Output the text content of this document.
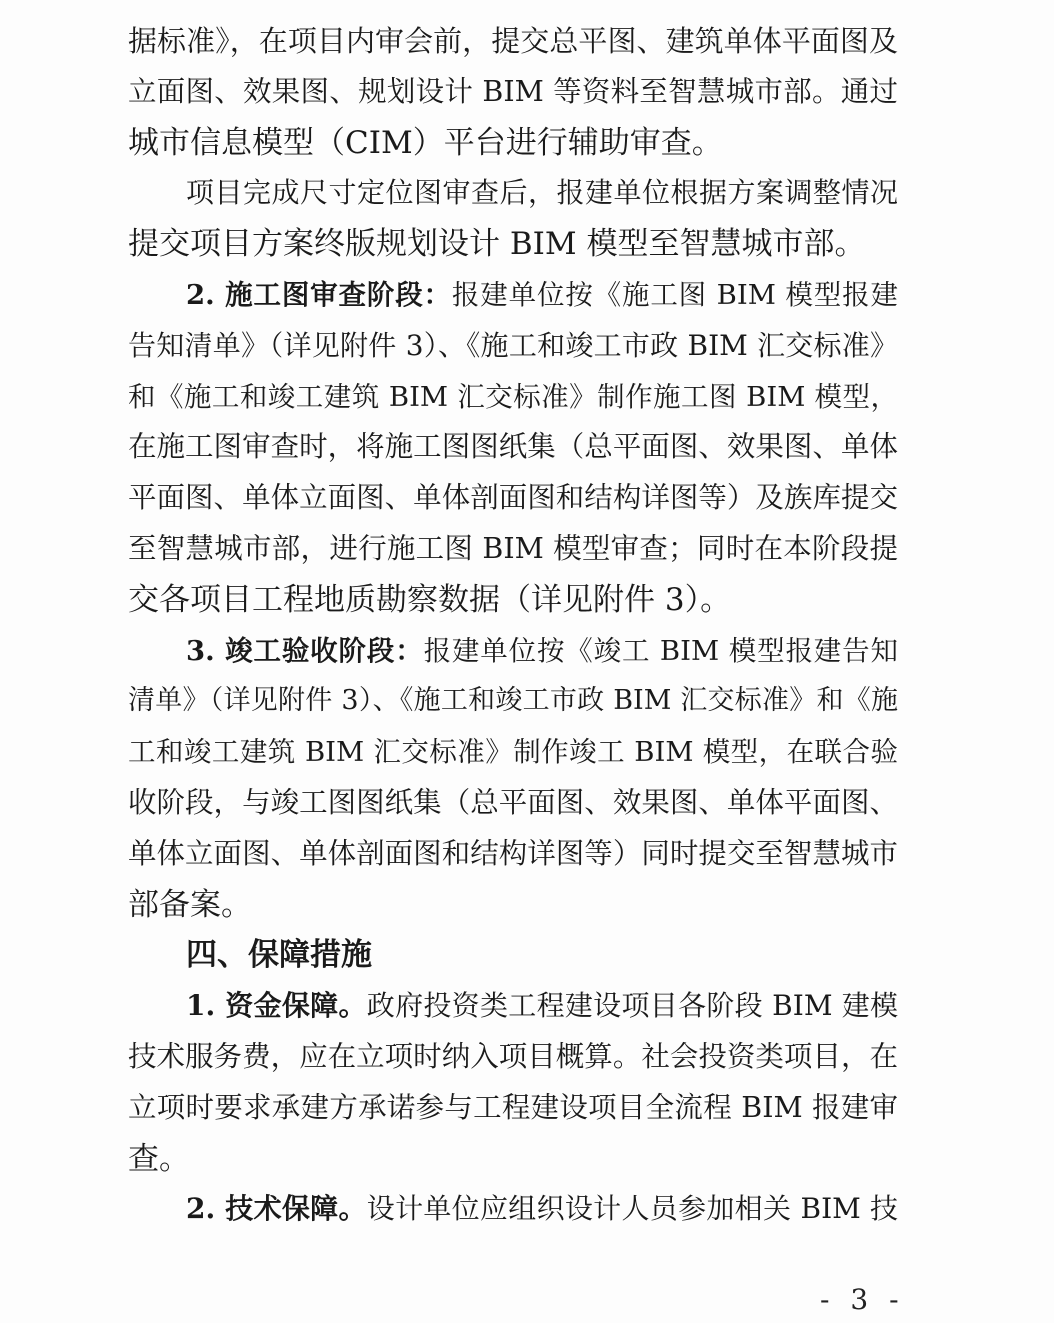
据标准》，在项目内审会前，提交总平图、建筑单体平面图及
立面图、效果图、规划设计 BIM 等资料至智慧城市部。通过
城市信息模型（CIM）平台进行辅助审查。
项目完成尺寸定位图审查后，报建单位根据方案调整情况
提交项目方案终版规划设计 BIM 模型至智慧城市部。
2. 施工图审查阶段：报建单位按《施工图 BIM 模型报建
告知清单》（详见附件 3）、《施工和竣工市政 BIM 汇交标准》
和《施工和竣工建筑 BIM 汇交标准》制作施工图 BIM 模型，
在施工图审查时，将施工图图纸集（总平面图、效果图、单体
平面图、单体立面图、单体剖面图和结构详图等）及族库提交
至智慧城市部，进行施工图 BIM 模型审查；同时在本阶段提
交各项目工程地质勘察数据（详见附件 3）。
3. 竣工验收阶段：报建单位按《竣工 BIM 模型报建告知
清单》（详见附件 3）、《施工和竣工市政 BIM 汇交标准》和《施
工和竣工建筑 BIM 汇交标准》制作竣工 BIM 模型，在联合验
收阶段，与竣工图图纸集（总平面图、效果图、单体平面图、
单体立面图、单体剖面图和结构详图等）同时提交至智慧城市
部备案。
四、保障措施
1. 资金保障。政府投资类工程建设项目各阶段 BIM 建模
技术服务费，应在立项时纳入项目概算。社会投资类项目，在
立项时要求承建方承诺参与工程建设项目全流程 BIM 报建审
查。
2. 技术保障。设计单位应组织设计人员参加相关 BIM 技
- 3 -
